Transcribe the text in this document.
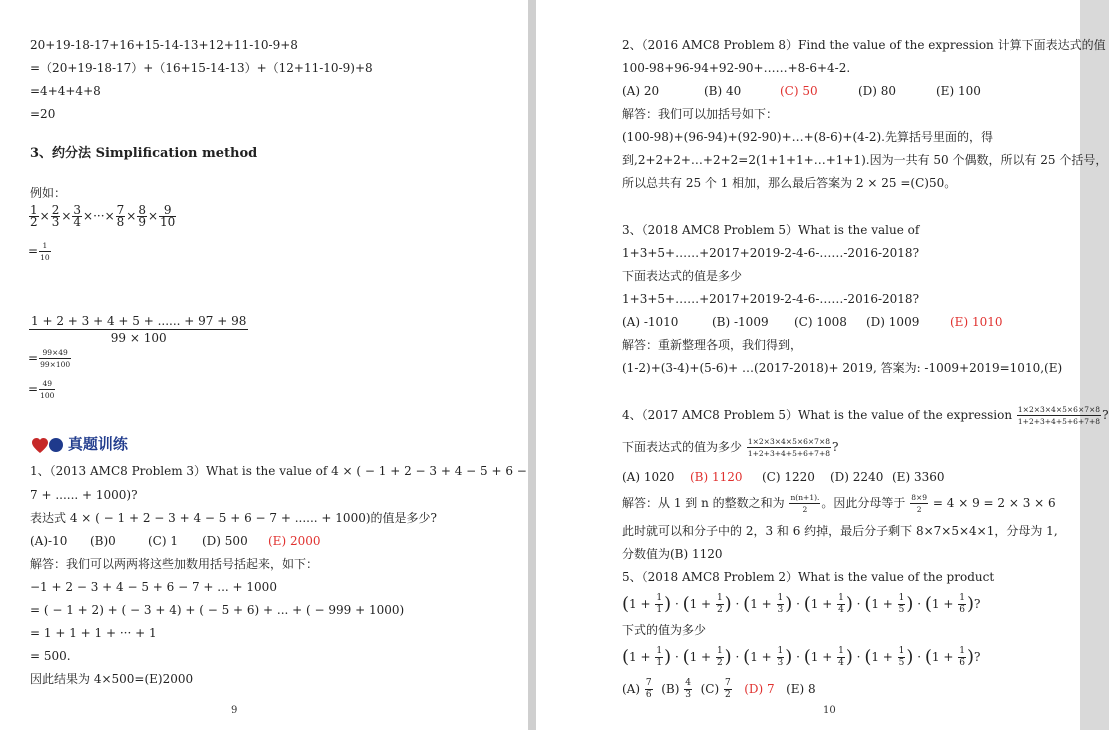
20+19-18-17+16+15-14-13+12+11-10-9+8
=（20+19-18-17）+（16+15-14-13）+（12+11-10-9)+8
=4+4+4+8
=20
3、约分法 Simplification method
例如：
$\frac{1}{2} \times \frac{2}{3} \times \frac{3}{4}$ ×···× $\frac{7}{8} \times \frac{8}{9} \times \frac{9}{10}$
= $\frac{1}{10}$
$\frac{1 + 2 + 3 + 4 + 5 + ...... + 97 + 98}{99 \times 100}$
= $\frac{99\times 49}{99\times 100}$
= $\frac{49}{100}$
真题训练
1、（2013 AMC8 Problem 3）What is the value of 4 × ( − 1 + 2 − 3 + 4 − 5 + 6 −
7 + ...... + 1000)?
表达式 4 × ( − 1 + 2 − 3 + 4 − 5 + 6 − 7 + ...... + 1000)的值是多少?
(A)-10 (B)0	(C) 1 (D) 500 (E) 2000
解答：我们可以两两将这些加数用括号括起来，如下：
−1 + 2 − 3 + 4 − 5 + 6 − 7 + ... + 1000
= ( − 1 + 2) + ( − 3 + 4) + ( − 5 + 6) + ... + ( − 999 + 1000)
= 1 + 1 + 1 + ··· + 1
= 500.
因此结果为 4×500=(E)2000
9
2、（2016 AMC8 Problem 8）Find the value of the expression 计算下面表达式的值
100-98+96-94+92-90+……+8-6+4-2.
(A) 20	(B) 40	(C) 50	(D) 80	(E) 100
解答：我们可以加括号如下：
(100-98)+(96-94)+(92-90)+…+(8-6)+(4-2).先算括号里面的，得
到,2+2+2+…+2+2=2(1+1+1+…+1+1).因为一共有 50 个偶数，所以有 25 个括号，
所以总共有 25 个 1 相加，那么最后答案为 2 × 25 =(C)50。
3、（2018 AMC8 Problem 5）What is the value of
1+3+5+……+2017+2019-2-4-6-……-2016-2018?
下面表达式的值是多少
1+3+5+……+2017+2019-2-4-6-……-2016-2018?
(A) -1010	(B) -1009 (C) 1008 (D) 1009	(E) 1010
解答：重新整理各项，我们得到，
(1-2)+(3-4)+(5-6)+ …(2017-2018)+ 2019, 答案为: -1009+2019=1010,(E)
4、（2017 AMC8 Problem 5）What is the value of the expression $\frac{1\times 2\times 3\times 4\times 5\times 6\times 7\times 8}{1+2+3+4+5+6+7+8}$ ?
下面表达式的值为多少 $\frac{1\times 2\times 3\times 4\times 5\times 6\times 7\times 8}{1+2+3+4+5+6+7+8}$ ?
(A) 1020 (B) 1120 (C) 1220 (D) 2240 (E) 3360
解答：从 1 到 n 的整数之和为 $\frac{n(n+1).}{2}$ 。因此分母等于 $\frac{8\times 9}{2} = 4 \times 9 = 2 \times 3 \times 6$
此时就可以和分子中的 2，3 和 6 约掉，最后分子剩下 8×7×5×4×1，分母为 1,
分数值为(B) 1120
5、（2018 AMC8 Problem 2）What is the value of the product
($1 + \frac{1}{1}$ ) · ($1 + \frac{1}{2}$ ) · ($1 + \frac{1}{3}$ ) · ($1 + \frac{1}{4}$ ) · ($1 + \frac{1}{5}$ ) · ($1 + \frac{1}{6}$ )?
下式的值为多少
($1 + \frac{1}{1}$ ) · ($1 + \frac{1}{2}$ ) · ($1 + \frac{1}{3}$ ) · ($1 + \frac{1}{4}$ ) · ($1 + \frac{1}{5}$ ) · ($1 + \frac{1}{6}$ )?
$(A) \frac{7}{6} (B) \frac{4}{3} (C) \frac{7}{2} (D)$ 7 (E) 8
10
